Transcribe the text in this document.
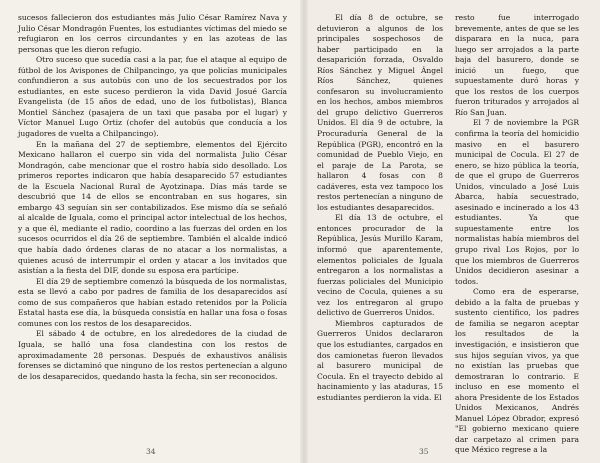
sucesos fallecieron dos estudiantes más Julio César Ramírez Nava y Julio César Mondragón Fuentes, los estudiantes víctimas del miedo se refugiaron en los cerros circundantes y en las azoteas de las personas que les dieron refugio.

Otro suceso que sucedía casi a la par, fue el ataque al equipo de fútbol de los Avispones de Chilpancingo, ya que policías municipales confundieron a sus autobús con uno de los secuestrados por los estudiantes, en este suceso perdieron la vida David Josué García Evangelista (de 15 años de edad, uno de los futbolistas), Blanca Montiel Sánchez (pasajera de un taxi que pasaba por el lugar) y Víctor Manuel Lugo Ortiz (chofer del autobús que conducía a los jugadores de vuelta a Chilpancingo).

En la mañana del 27 de septiembre, elementos del Ejército Mexicano hallaron el cuerpo sin vida del normalista Julio César Mondragón, cabe mencionar que el rostro había sido desollado. Los primeros reportes indicaron que había desaparecido 57 estudiantes de la Escuela Nacional Rural de Ayotzinapa. Días más tarde se descubrió que 14 de ellos se encontraban en sus hogares, sin embargo 43 seguían sin ser contabilizados. Ese mismo día se señaló al alcalde de Iguala, como el principal actor intelectual de los hechos, y a que él, mediante el radio, coordino a las fuerzas del orden en los sucesos ocurridos el día 26 de septiembre. También el alcalde indicó que había dado órdenes claras de no atacar a los normalistas, a quienes acusó de interrumpir el orden y atacar a los invitados que asistían a la fiesta del DIF, donde su esposa era partícipe.

El día 29 de septiembre comenzó la búsqueda de los normalistas, esta se llevó a cabo por padres de familia de los desaparecidos así como de sus compañeros que habían estado retenidos por la Policía Estatal hasta ese día, la búsqueda consistía en hallar una fosa o fosas comunes con los restos de los desaparecidos.

El sábado 4 de octubre, en los alrededores de la ciudad de Iguala, se halló una fosa clandestina con los restos de aproximadamente 28 personas. Después de exhaustivos análisis forenses se dictaminó que ninguno de los restos pertenecían a alguno de los desaparecidos, quedando hasta la fecha, sin ser reconocidos.

El día 8 de octubre, se detuvieron a algunos de los principales sospechosos de haber participado en la desaparición forzada, Osvaldo Ríos Sánchez y Miguel Ángel Ríos Sánchez, quienes confesaron su involucramiento en los hechos, ambos miembros del grupo delictivo Guerreros Unidos. El día 9 de octubre, la Procuraduría General de la República (PGR), encontró en la comunidad de Pueblo Viejo, en el paraje de La Parota, se hallaron 4 fosas con 8 cadáveres, esta vez tampoco los restos pertenecían a ninguno de los estudiantes desaparecidos.

El día 13 de octubre, el entonces procurador de la República, Jesús Murillo Karam, informó que aparentemente, elementos policiales de Iguala entregaron a los normalistas a fuerzas policiales del Municipio vecino de Cocula, quienes a su vez los entregaron al grupo delictivo de Guerreros Unidos.

Miembros capturados de Guerreros Unidos declararon que los estudiantes, cargados en dos camionetas fueron llevados al basurero municipal de Cocula. En el trayecto debido al hacinamiento y las ataduras, 15 estudiantes perdieron la vida. El

resto fue interrogado brevemente, antes de que se les disparara en la nuca, para luego ser arrojados a la parte baja del basurero, donde se inició un fuego, que supuestamente duró horas y que los restos de los cuerpos fueron triturados y arrojados al Río San Juan.

El 7 de noviembre la PGR confirma la teoría del homicidio masivo en el basurero municipal de Cocula. El 27 de enero, se hizo pública la teoría, de que el grupo de Guerreros Unidos, vinculado a José Luis Abarca, había secuestrado, asesinado e incinerado a los 43 estudiantes. Ya que supuestamente entre los normalistas había miembros del grupo rival Los Rojos, por lo que los miembros de Guerreros Unidos decidieron asesinar a todos.

Como era de esperarse, debido a la falta de pruebas y sustento científico, los padres de familia se negaron aceptar los resultados de la investigación, e insistieron que sus hijos seguían vivos, ya que no existían las pruebas que demostraran lo contrario. E incluso en ese momento el ahora Presidente de los Estados Unidos Mexicanos, Andrés Manuel López Obrador, expresó "El gobierno mexicano quiere dar carpetazo al crimen para que México regrese a la

34	35
